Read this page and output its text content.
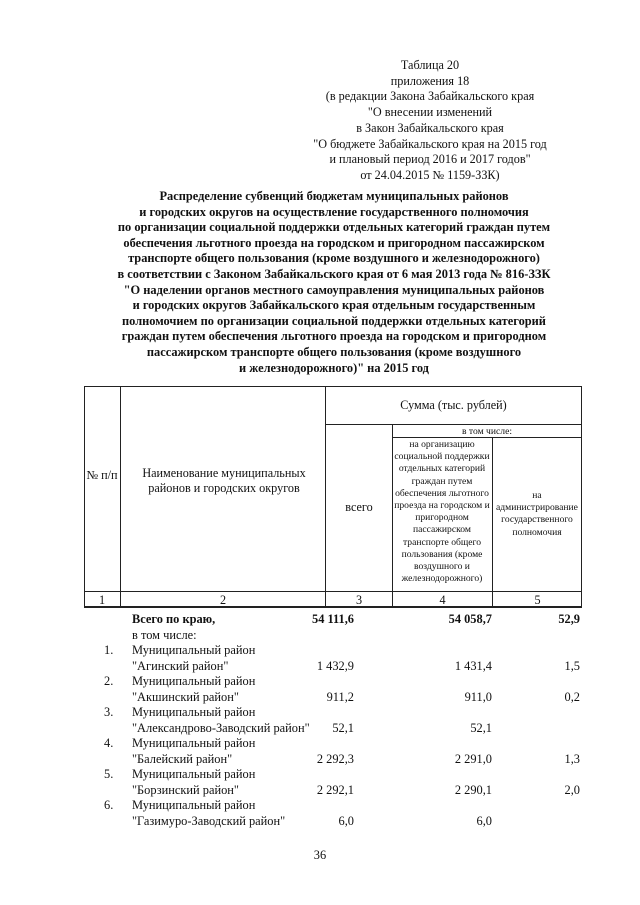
Таблица 20
приложения 18
(в редакции Закона Забайкальского края
"О внесении изменений
в Закон Забайкальского края
"О бюджете Забайкальского края на 2015 год
и плановый период 2016 и 2017 годов"
от 24.04.2015 № 1159-ЗЗК)
Распределение субвенций бюджетам муниципальных районов
и городских округов на осуществление государственного полномочия
по организации социальной поддержки отдельных категорий граждан путем
обеспечения льготного проезда на городском и пригородном пассажирском
транспорте общего пользования (кроме воздушного и железнодорожного)
в соответствии с Законом Забайкальского края от 6 мая 2013 года № 816-ЗЗК
"О наделении органов местного самоуправления муниципальных районов
и городских округов Забайкальского края отдельным государственным
полномочием по организации социальной поддержки отдельных категорий
граждан путем обеспечения льготного проезда на городском и пригородном
пассажирском транспорте общего пользования (кроме воздушного
и железнодорожного)" на 2015 год
№ п/п Наименование муниципальных районов и городских округов
Сумма (тыс. рублей)
всего
в том числе:
на организацию социальной поддержки отдельных категорий граждан путем обеспечения льготного проезда на городском и пригородном пассажирском транспорте общего пользования (кроме воздушного и железнодорожного)
на администрирование государственного полномочия
1	2	3	4	5
Всего по краю,
в том числе:
54 111,6	54 058,7	52,9
1.	Муниципальный район
"Агинский район"	1 432,9	1 431,4	1,5
2.	Муниципальный район
"Акшинский район"	911,2	911,0	0,2
3.	Муниципальный район
"Александрово-Заводский район"	52,1	52,1
4.	Муниципальный район
"Балейский район"	2 292,3	2 291,0	1,3
5.	Муниципальный район
"Борзинский район"	2 292,1	2 290,1	2,0
6.	Муниципальный район
"Газимуро-Заводский район"	6,0	6,0
36
